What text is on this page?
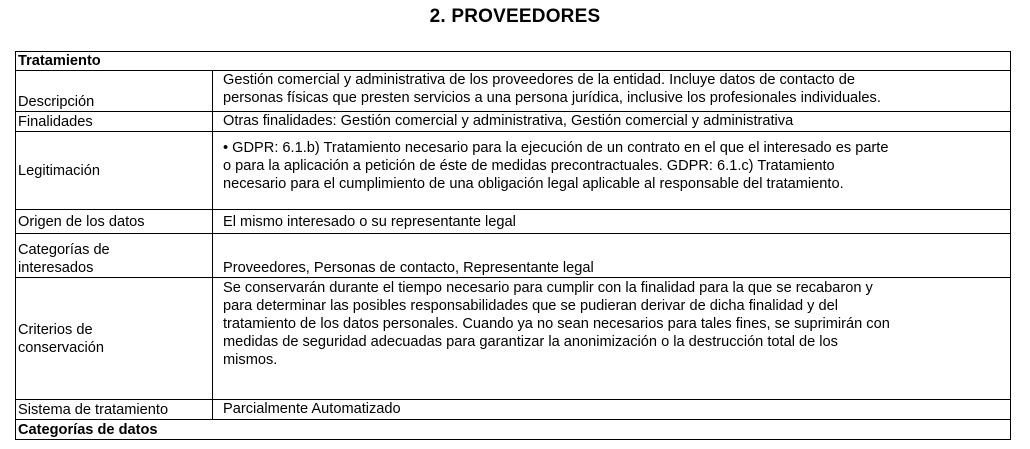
2. PROVEEDORES
Tratamiento	
Descripción	Gestión comercial y administrativa de los proveedores de la entidad. Incluye datos de contacto de
personas físicas que presten servicios a una persona jurídica, inclusive los profesionales individuales.
Finalidades	Otras finalidades: Gestión comercial y administrativa, Gestión comercial y administrativa
Legitimación	• GDPR: 6.1.b) Tratamiento necesario para la ejecución de un contrato en el que el interesado es parte
o para la aplicación a petición de éste de medidas precontractuales. GDPR: 6.1.c) Tratamiento
necesario para el cumplimiento de una obligación legal aplicable al responsable del tratamiento.
Origen de los datos	El mismo interesado o su representante legal
Categorías de
interesados	Proveedores, Personas de contacto, Representante legal
Criterios de
conservación	Se conservarán durante el tiempo necesario para cumplir con la finalidad para la que se recabaron y
para determinar las posibles responsabilidades que se pudieran derivar de dicha finalidad y del
tratamiento de los datos personales. Cuando ya no sean necesarios para tales fines, se suprimirán con
medidas de seguridad adecuadas para garantizar la anonimización o la destrucción total de los
mismos.
Sistema de tratamiento	Parcialmente Automatizado
Categorías de datos	
